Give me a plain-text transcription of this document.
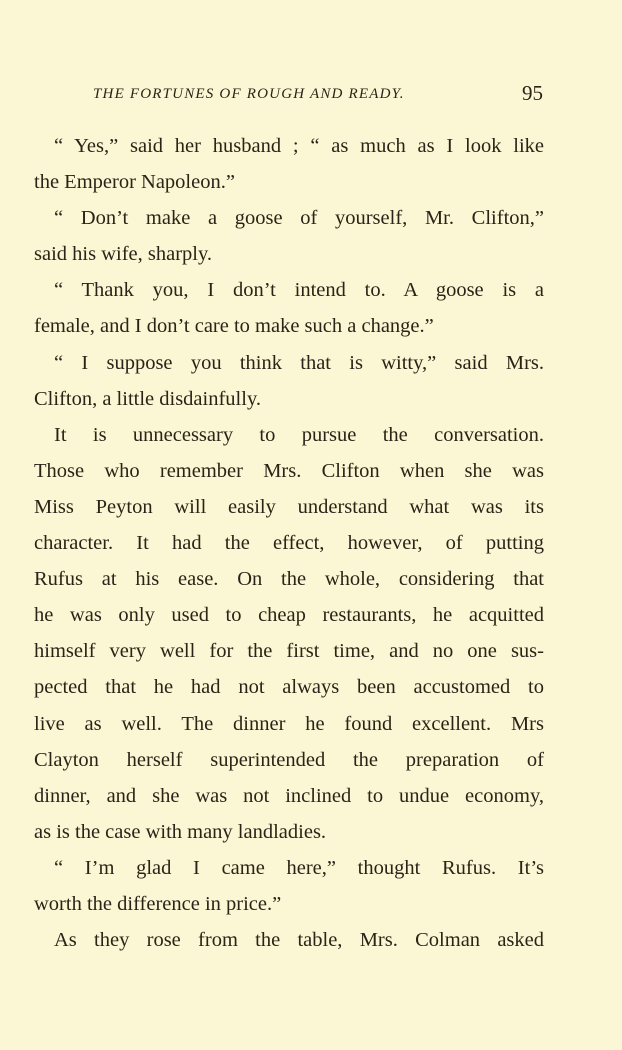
THE FORTUNES OF ROUGH AND READY.	95
“ Yes,” said her husband ; “ as much as I look like
the Emperor Napoleon.”
“ Don’t make a goose of yourself, Mr. Clifton,”
said his wife, sharply.
“ Thank you, I don’t intend to. A goose is a
female, and I don’t care to make such a change.”
“ I suppose you think that is witty,” said Mrs.
Clifton, a little disdainfully.
It is unnecessary to pursue the conversation.
Those who remember Mrs. Clifton when she was
Miss Peyton will easily understand what was its
character. It had the effect, however, of putting
Rufus at his ease. On the whole, considering that
he was only used to cheap restaurants, he acquitted
himself very well for the first time, and no one sus-
pected that he had not always been accustomed to
live as well. The dinner he found excellent. Mrs
Clayton herself superintended the preparation of
dinner, and she was not inclined to undue economy,
as is the case with many landladies.
“ I’m glad I came here,” thought Rufus. It’s
worth the difference in price.”
As they rose from the table, Mrs. Colman asked
